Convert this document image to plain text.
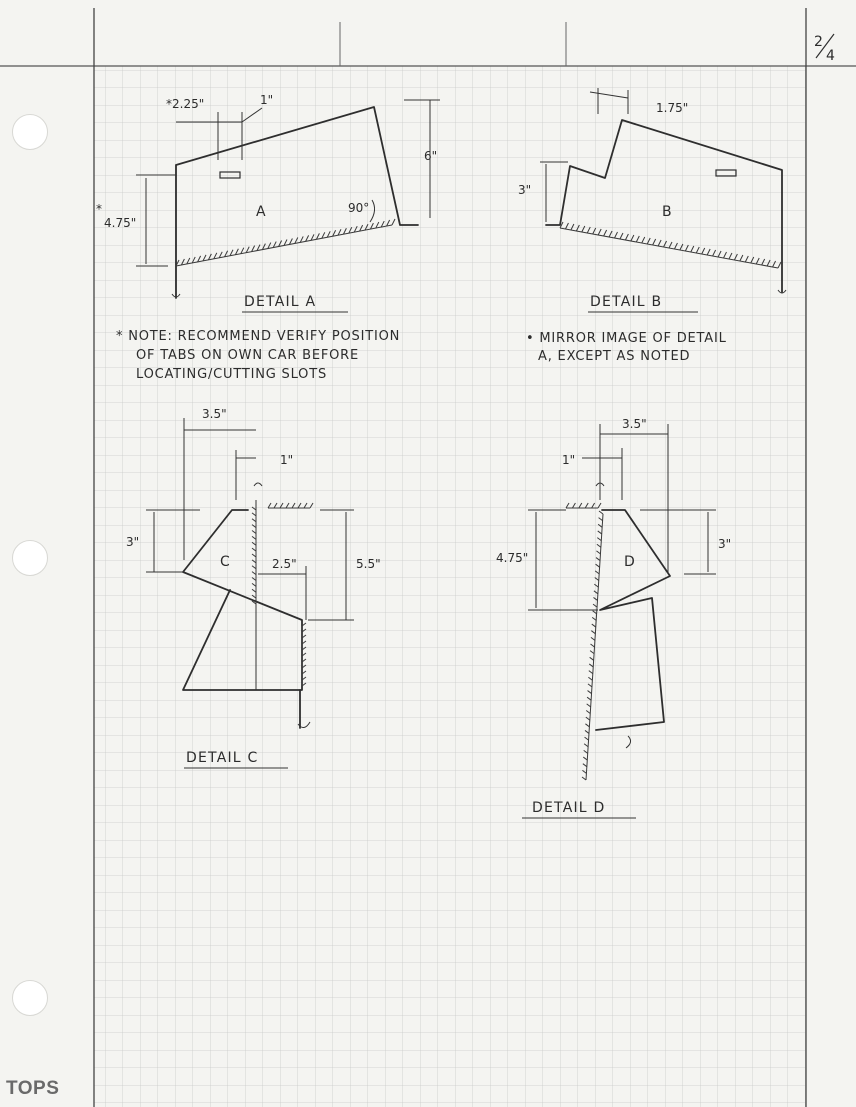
2
4
*2.25"	1"
6"
*
4.75"
90°
A
DETAIL A
* NOTE: RECOMMEND VERIFY POSITION
OF TABS ON OWN CAR BEFORE
LOCATING/CUTTING SLOTS
1.75"
3"
B
DETAIL B
• MIRROR IMAGE OF DETAIL
A, EXCEPT AS NOTED
3.5"
1"
3"
2.5"	5.5"
C
DETAIL C
3.5"
1"
4.75"
3"
D
DETAIL D
TOPS
